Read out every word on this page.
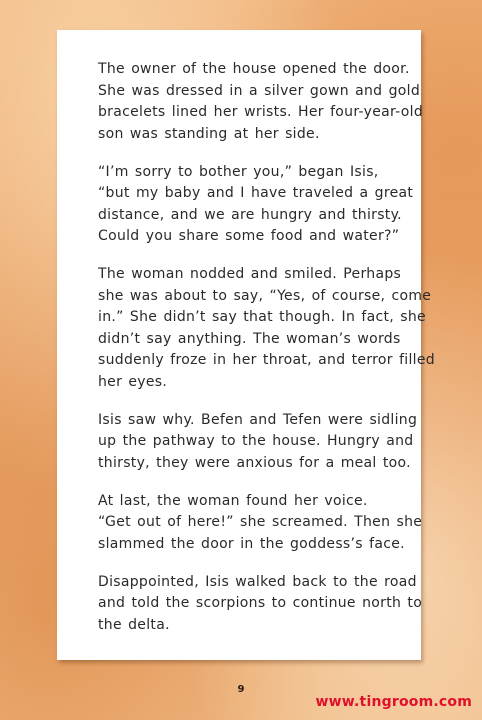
The owner of the house opened the door.
She was dressed in a silver gown and gold
bracelets lined her wrists. Her four-year-old
son was standing at her side.

“I’m sorry to bother you,” began Isis,
“but my baby and I have traveled a great
distance, and we are hungry and thirsty.
Could you share some food and water?”

The woman nodded and smiled. Perhaps
she was about to say, “Yes, of course, come
in.” She didn’t say that though. In fact, she
didn’t say anything. The woman’s words
suddenly froze in her throat, and terror filled
her eyes.

Isis saw why. Befen and Tefen were sidling
up the pathway to the house. Hungry and
thirsty, they were anxious for a meal too.

At last, the woman found her voice.
“Get out of here!” she screamed. Then she
slammed the door in the goddess’s face.

Disappointed, Isis walked back to the road
and told the scorpions to continue north to
the delta.

9
www.tingroom.com
